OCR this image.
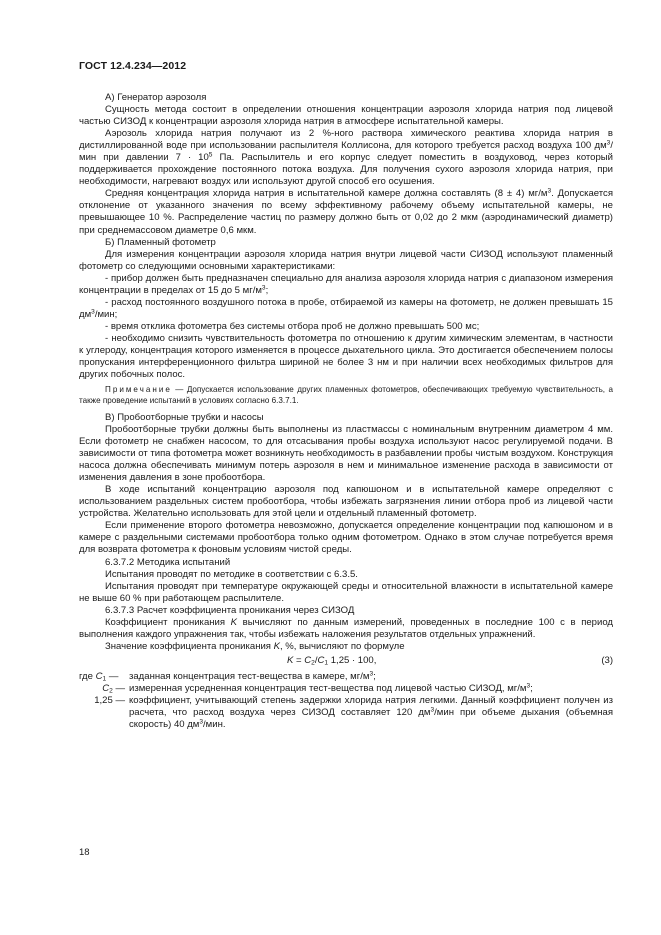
ГОСТ 12.4.234—2012
А) Генератор аэрозоля
Сущность метода состоит в определении отношения концентрации аэрозоля хлорида натрия под лицевой частью СИЗОД к концентрации аэрозоля хлорида натрия в атмосфере испытательной камеры.
Аэрозоль хлорида натрия получают из 2 %-ного раствора химического реактива хлорида натрия в дистиллированной воде при использовании распылителя Коллисона, для которого требуется расход воздуха 100 $дм^3$/мин при давлении $7 \cdot 10^5$ Па. Распылитель и его корпус следует поместить в воздуховод, через который поддерживается прохождение постоянного потока воздуха. Для получения сухого аэрозоля хлорида натрия, при необходимости, нагревают воздух или используют другой способ его осушения.
Средняя концентрация хлорида натрия в испытательной камере должна составлять (8 ± 4) $мг/м^3$. Допускается отклонение от указанного значения по всему эффективному рабочему объему испытательной камеры, не превышающее 10 %. Распределение частиц по размеру должно быть от 0,02 до 2 мкм (аэродинамический диаметр) при среднемассовом диаметре 0,6 мкм.
Б) Пламенный фотометр
Для измерения концентрации аэрозоля хлорида натрия внутри лицевой части СИЗОД используют пламенный фотометр со следующими основными характеристиками:
- прибор должен быть предназначен специально для анализа аэрозоля хлорида натрия с диапазоном измерения концентрации в пределах от 15 до 5 $мг/м^3$;
- расход постоянного воздушного потока в пробе, отбираемой из камеры на фотометр, не должен превышать 15 $дм^3$/мин;
- время отклика фотометра без системы отбора проб не должно превышать 500 мс;
- необходимо снизить чувствительность фотометра по отношению к другим химическим элементам, в частности к углероду, концентрация которого изменяется в процессе дыхательного цикла. Это достигается обеспечением полосы пропускания интерференционного фильтра шириной не более 3 нм и при наличии всех необходимых фильтров для других побочных полос.
Примечание — Допускается использование других пламенных фотометров, обеспечивающих требуемую чувствительность, а также проведение испытаний в условиях согласно 6.3.7.1.
В) Пробоотборные трубки и насосы
Пробоотборные трубки должны быть выполнены из пластмассы с номинальным внутренним диаметром 4 мм. Если фотометр не снабжен насосом, то для отсасывания пробы воздуха используют насос регулируемой подачи. В зависимости от типа фотометра может возникнуть необходимость в разбавлении пробы чистым воздухом. Конструкция насоса должна обеспечивать минимум потерь аэрозоля в нем и минимальное изменение расхода в зависимости от изменения давления в зоне пробоотбора.
В ходе испытаний концентрацию аэрозоля под капюшоном и в испытательной камере определяют с использованием раздельных систем пробоотбора, чтобы избежать загрязнения линии отбора проб из лицевой части устройства. Желательно использовать для этой цели и отдельный пламенный фотометр.
Если применение второго фотометра невозможно, допускается определение концентрации под капюшоном и в камере с раздельными системами пробоотбора только одним фотометром. Однако в этом случае потребуется время для возврата фотометра к фоновым условиям чистой среды.
6.3.7.2 Методика испытаний
Испытания проводят по методике в соответствии с 6.3.5.
Испытания проводят при температуре окружающей среды и относительной влажности в испытательной камере не выше 60 % при работающем распылителе.
6.3.7.3 Расчет коэффициента проникания через СИЗОД
Коэффициент проникания K вычисляют по данным измерений, проведенных в последние 100 с в период выполнения каждого упражнения так, чтобы избежать наложения результатов отдельных упражнений.
Значение коэффициента проникания K, %, вычисляют по формуле
$K = C_2/C_1$ 1,25 · 100,	(3)
где $C_1$ —	заданная концентрация тест-вещества в камере, $мг/м^3$;
$C_2$ — измеренная усредненная концентрация тест-вещества под лицевой частью СИЗОД, $мг/м^3$;
1,25 — коэффициент, учитывающий степень задержки хлорида натрия легкими. Данный коэффициент получен из расчета, что расход воздуха через СИЗОД составляет 120 $дм^3$/мин при объеме дыхания (объемная скорость) 40 $дм^3$/мин.
18
